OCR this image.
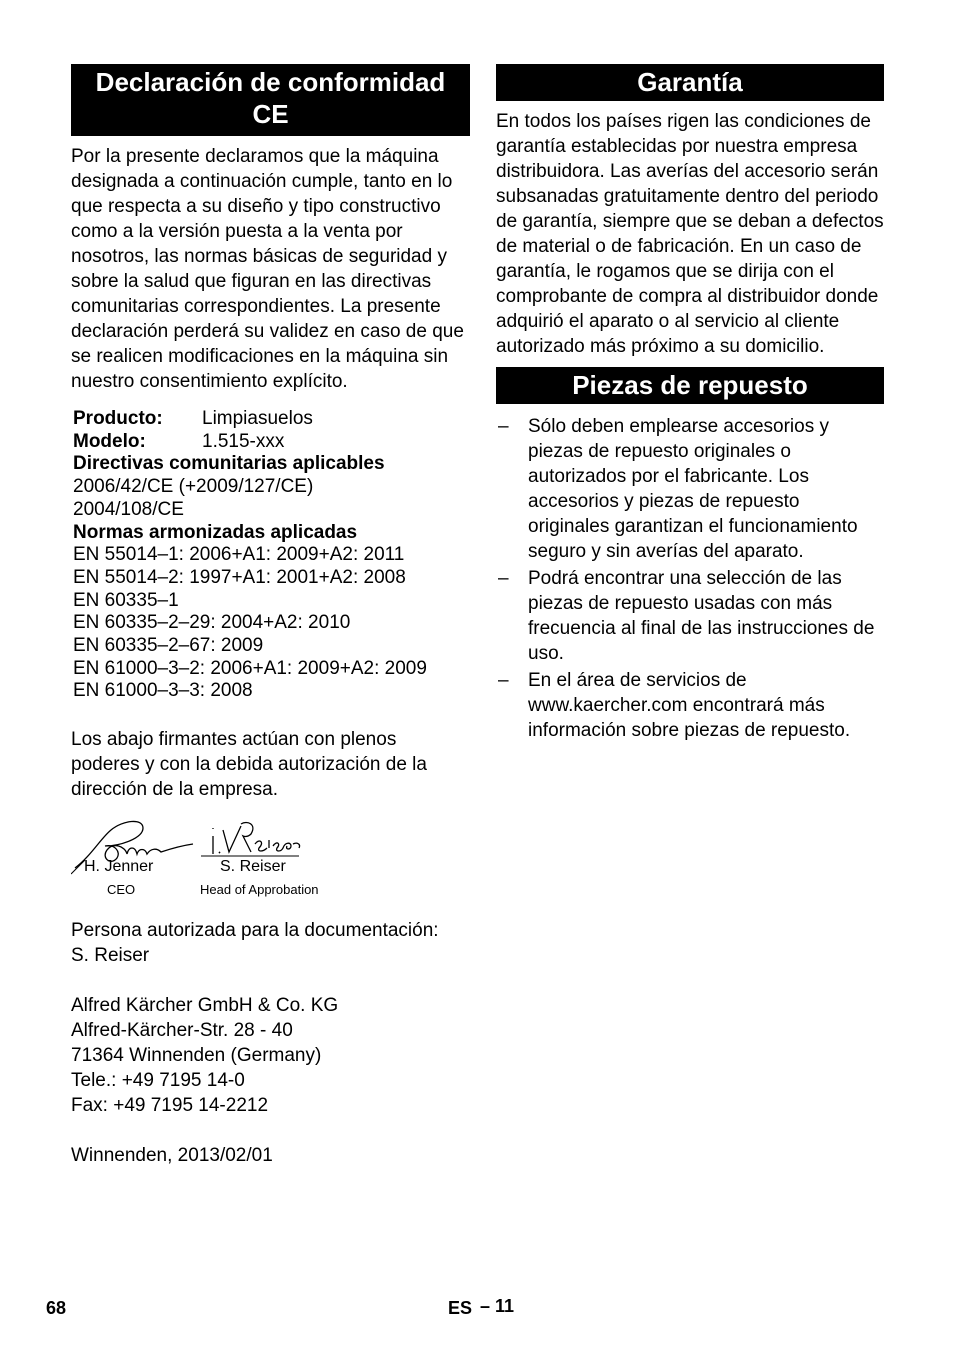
Declaración de conformidad CE

Por la presente declaramos que la máquina designada a continuación cumple, tanto en lo que respecta a su diseño y tipo constructivo como a la versión puesta a la venta por nosotros, las normas básicas de seguridad y sobre la salud que figuran en las directivas comunitarias correspondientes. La presente declaración perderá su validez en caso de que se realicen modificaciones en la máquina sin nuestro consentimiento explícito.

Producto:	Limpiasuelos
Modelo:	1.515-xxx
Directivas comunitarias aplicables
2006/42/CE (+2009/127/CE)
2004/108/CE
Normas armonizadas aplicadas
EN 55014–1: 2006+A1: 2009+A2: 2011
EN 55014–2: 1997+A1: 2001+A2: 2008
EN 60335–1
EN 60335–2–29: 2004+A2: 2010
EN 60335–2–67: 2009
EN 61000–3–2: 2006+A1: 2009+A2: 2009
EN 61000–3–3: 2008

Los abajo firmantes actúan con plenos poderes y con la debida autorización de la dirección de la empresa.

H. Jenner	S. Reiser
CEO	Head of Approbation

Persona autorizada para la documentación:

S. Reiser

Alfred Kärcher GmbH & Co. KG

Alfred-Kärcher-Str. 28 - 40

71364 Winnenden (Germany)

Tele.: +49 7195 14-0

Fax: +49 7195 14-2212

Winnenden, 2013/02/01

Garantía

En todos los países rigen las condiciones de garantía establecidas por nuestra empresa distribuidora. Las averías del accesorio serán subsanadas gratuitamente dentro del periodo de garantía, siempre que se deban a defectos de material o de fabricación. En un caso de garantía, le rogamos que se dirija con el comprobante de compra al distribuidor donde adquirió el aparato o al servicio al cliente autorizado más próximo a su domicilio.

Piezas de repuesto
– Sólo deben emplearse accesorios y piezas de repuesto originales o autorizados por el fabricante. Los accesorios y piezas de repuesto originales garantizan el funcionamiento seguro y sin averías del aparato.
– Podrá encontrar una selección de las piezas de repuesto usadas con más frecuencia al final de las instrucciones de uso.
– En el área de servicios de www.kaercher.com encontrará más información sobre piezas de repuesto.
68	ES – 11
